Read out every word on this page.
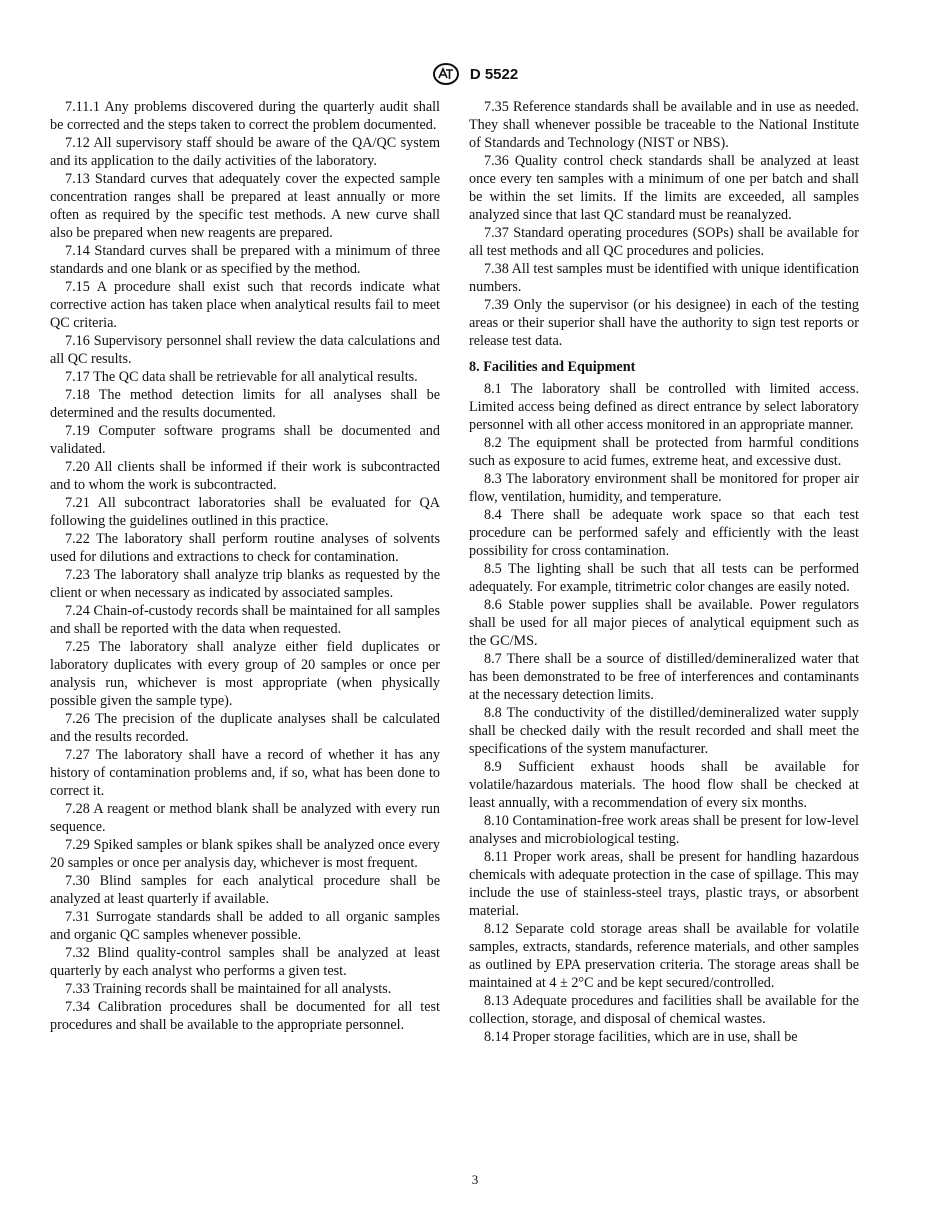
D 5522

7.11.1 Any problems discovered during the quarterly audit shall be corrected and the steps taken to correct the problem documented.

7.12 All supervisory staff should be aware of the QA/QC system and its application to the daily activities of the laboratory.

7.13 Standard curves that adequately cover the expected sample concentration ranges shall be prepared at least annually or more often as required by the specific test methods. A new curve shall also be prepared when new reagents are prepared.

7.14 Standard curves shall be prepared with a minimum of three standards and one blank or as specified by the method.

7.15 A procedure shall exist such that records indicate what corrective action has taken place when analytical results fail to meet QC criteria.

7.16 Supervisory personnel shall review the data calculations and all QC results.

7.17 The QC data shall be retrievable for all analytical results.

7.18 The method detection limits for all analyses shall be determined and the results documented.

7.19 Computer software programs shall be documented and validated.

7.20 All clients shall be informed if their work is subcontracted and to whom the work is subcontracted.

7.21 All subcontract laboratories shall be evaluated for QA following the guidelines outlined in this practice.

7.22 The laboratory shall perform routine analyses of solvents used for dilutions and extractions to check for contamination.

7.23 The laboratory shall analyze trip blanks as requested by the client or when necessary as indicated by associated samples.

7.24 Chain-of-custody records shall be maintained for all samples and shall be reported with the data when requested.

7.25 The laboratory shall analyze either field duplicates or laboratory duplicates with every group of 20 samples or once per analysis run, whichever is most appropriate (when physically possible given the sample type).

7.26 The precision of the duplicate analyses shall be calculated and the results recorded.

7.27 The laboratory shall have a record of whether it has any history of contamination problems and, if so, what has been done to correct it.

7.28 A reagent or method blank shall be analyzed with every run sequence.

7.29 Spiked samples or blank spikes shall be analyzed once every 20 samples or once per analysis day, whichever is most frequent.

7.30 Blind samples for each analytical procedure shall be analyzed at least quarterly if available.

7.31 Surrogate standards shall be added to all organic samples and organic QC samples whenever possible.

7.32 Blind quality-control samples shall be analyzed at least quarterly by each analyst who performs a given test.

7.33 Training records shall be maintained for all analysts.

7.34 Calibration procedures shall be documented for all test procedures and shall be available to the appropriate personnel.

7.35 Reference standards shall be available and in use as needed. They shall whenever possible be traceable to the National Institute of Standards and Technology (NIST or NBS).

7.36 Quality control check standards shall be analyzed at least once every ten samples with a minimum of one per batch and shall be within the set limits. If the limits are exceeded, all samples analyzed since that last QC standard must be reanalyzed.

7.37 Standard operating procedures (SOPs) shall be available for all test methods and all QC procedures and policies.

7.38 All test samples must be identified with unique identification numbers.

7.39 Only the supervisor (or his designee) in each of the testing areas or their superior shall have the authority to sign test reports or release test data.

8. Facilities and Equipment

8.1 The laboratory shall be controlled with limited access. Limited access being defined as direct entrance by select laboratory personnel with all other access monitored in an appropriate manner.

8.2 The equipment shall be protected from harmful conditions such as exposure to acid fumes, extreme heat, and excessive dust.

8.3 The laboratory environment shall be monitored for proper air flow, ventilation, humidity, and temperature.

8.4 There shall be adequate work space so that each test procedure can be performed safely and efficiently with the least possibility for cross contamination.

8.5 The lighting shall be such that all tests can be performed adequately. For example, titrimetric color changes are easily noted.

8.6 Stable power supplies shall be available. Power regulators shall be used for all major pieces of analytical equipment such as the GC/MS.

8.7 There shall be a source of distilled/demineralized water that has been demonstrated to be free of interferences and contaminants at the necessary detection limits.

8.8 The conductivity of the distilled/demineralized water supply shall be checked daily with the result recorded and shall meet the specifications of the system manufacturer.

8.9 Sufficient exhaust hoods shall be available for volatile/hazardous materials. The hood flow shall be checked at least annually, with a recommendation of every six months.

8.10 Contamination-free work areas shall be present for low-level analyses and microbiological testing.

8.11 Proper work areas, shall be present for handling hazardous chemicals with adequate protection in the case of spillage. This may include the use of stainless-steel trays, plastic trays, or absorbent material.

8.12 Separate cold storage areas shall be available for volatile samples, extracts, standards, reference materials, and other samples as outlined by EPA preservation criteria. The storage areas shall be maintained at 4 ± 2°C and be kept secured/controlled.

8.13 Adequate procedures and facilities shall be available for the collection, storage, and disposal of chemical wastes.

8.14 Proper storage facilities, which are in use, shall be

3
